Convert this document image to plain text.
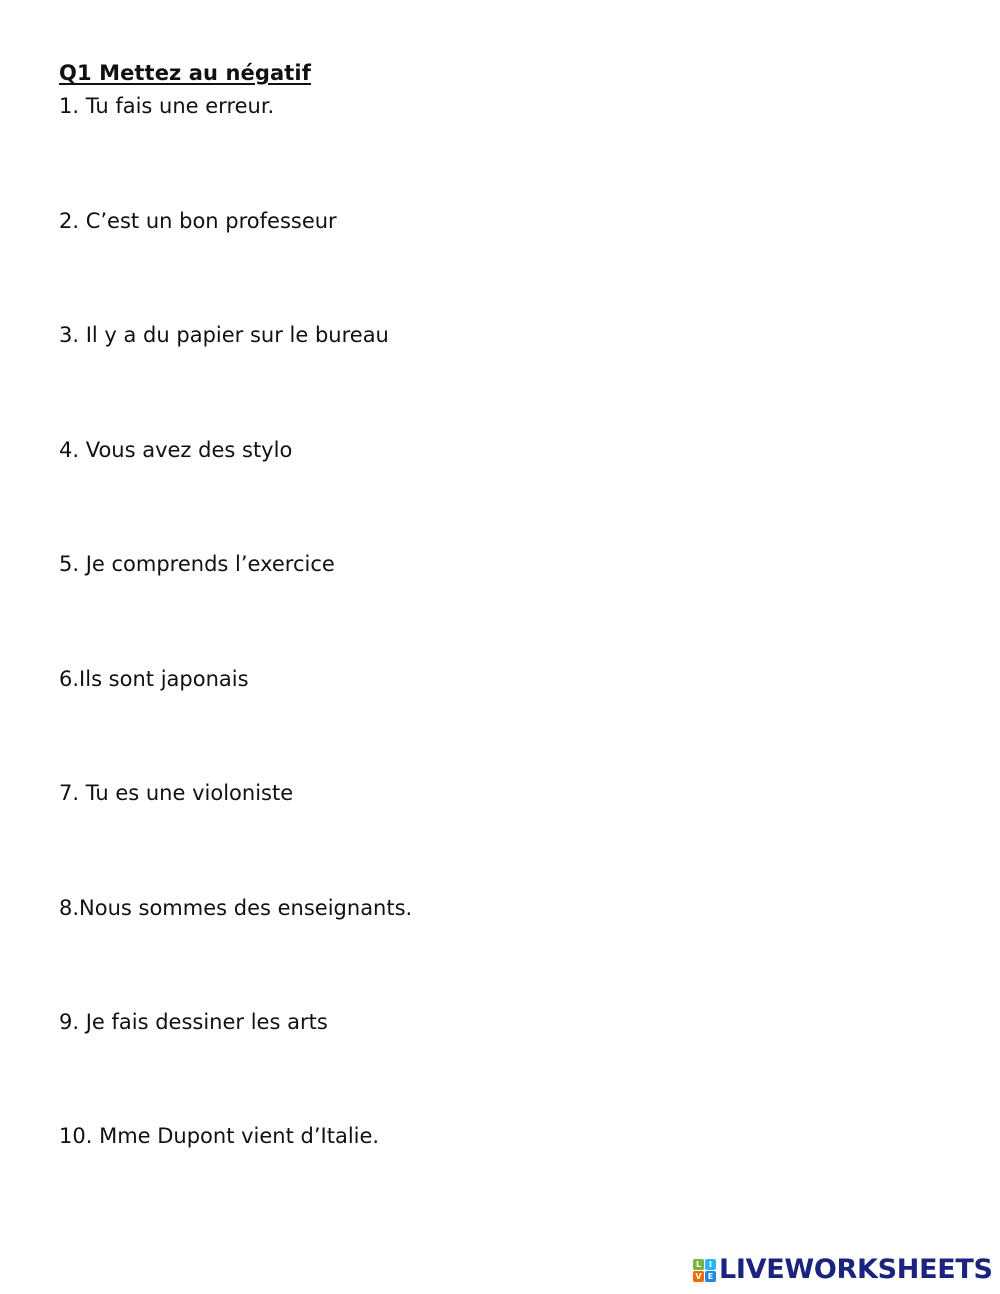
Q1 Mettez au négatif
1. Tu fais une erreur.
2. C’est un bon professeur
3. Il y a du papier sur le bureau
4. Vous avez des stylo
5. Je comprends l’exercice
6.Ils sont japonais
7. Tu es une violoniste
8.Nous sommes des enseignants.
9. Je fais dessiner les arts
10. Mme Dupont vient d’Italie.
L I
V E LIVEWORKSHEETS
